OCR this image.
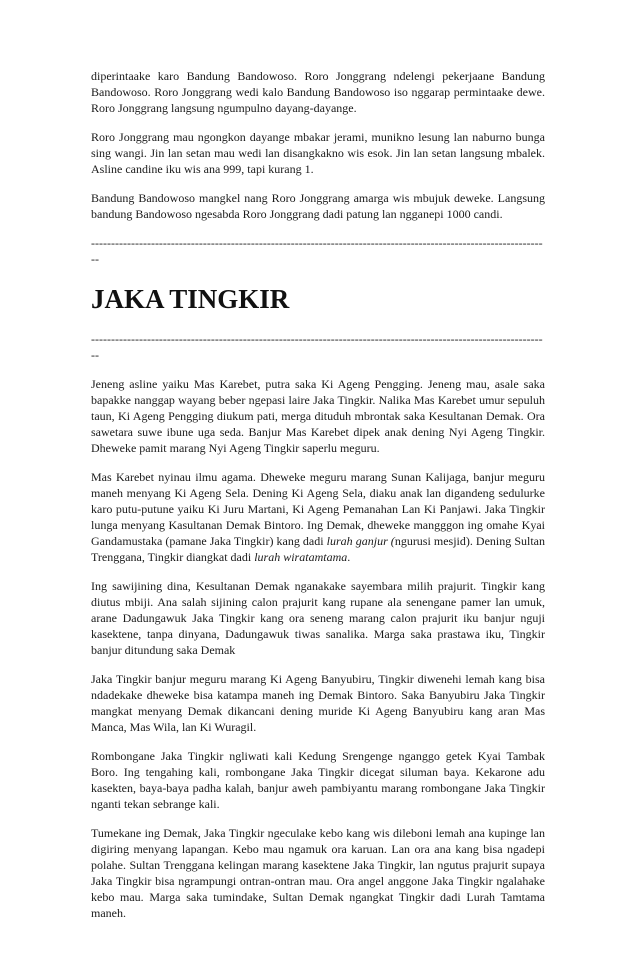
diperintaake karo Bandung Bandowoso. Roro Jonggrang ndelengi pekerjaane Bandung Bandowoso. Roro Jonggrang wedi kalo Bandung Bandowoso iso nggarap permintaake dewe. Roro Jonggrang langsung ngumpulno dayang-dayange.

Roro Jonggrang mau ngongkon dayange mbakar jerami, munikno lesung lan naburno bunga sing wangi. Jin lan setan mau wedi lan disangkakno wis esok. Jin lan setan langsung mbalek. Asline candine iku wis ana 999, tapi kurang 1.

Bandung Bandowoso mangkel nang Roro Jonggrang amarga wis mbujuk deweke. Langsung bandung Bandowoso ngesabda Roro Jonggrang dadi patung lan ngganepi 1000 candi.

-------------------------------------------------------------------------------------------------------------------
JAKA TINGKIR
-------------------------------------------------------------------------------------------------------------------

Jeneng asline yaiku Mas Karebet, putra saka Ki Ageng Pengging. Jeneng mau, asale saka bapakke nanggap wayang beber ngepasi laire Jaka Tingkir. Nalika Mas Karebet umur sepuluh taun, Ki Ageng Pengging diukum pati, merga dituduh mbrontak saka Kesultanan Demak. Ora sawetara suwe ibune uga seda. Banjur Mas Karebet dipek anak dening Nyi Ageng Tingkir. Dheweke pamit marang Nyi Ageng Tingkir saperlu meguru.

Mas Karebet nyinau ilmu agama. Dheweke meguru marang Sunan Kalijaga, banjur meguru maneh menyang Ki Ageng Sela. Dening Ki Ageng Sela, diaku anak lan digandeng sedulurke karo putu-putune yaiku Ki Juru Martani, Ki Ageng Pemanahan Lan Ki Panjawi. Jaka Tingkir lunga menyang Kasultanan Demak Bintoro. Ing Demak, dheweke mangggon ing omahe Kyai Gandamustaka (pamane Jaka Tingkir) kang dadi lurah ganjur (ngurusi mesjid). Dening Sultan Trenggana, Tingkir diangkat dadi lurah wiratamtama.

Ing sawijining dina, Kesultanan Demak nganakake sayembara milih prajurit. Tingkir kang diutus mbiji. Ana salah sijining calon prajurit kang rupane ala senengane pamer lan umuk, arane Dadungawuk Jaka Tingkir kang ora seneng marang calon prajurit iku banjur nguji kasektene, tanpa dinyana, Dadungawuk tiwas sanalika. Marga saka prastawa iku, Tingkir banjur ditundung saka Demak

Jaka Tingkir banjur meguru marang Ki Ageng Banyubiru, Tingkir diwenehi lemah kang bisa ndadekake dheweke bisa katampa maneh ing Demak Bintoro. Saka Banyubiru Jaka Tingkir mangkat menyang Demak dikancani dening muride Ki Ageng Banyubiru kang aran Mas Manca, Mas Wila, lan Ki Wuragil.

Rombongane Jaka Tingkir ngliwati kali Kedung Srengenge nganggo getek Kyai Tambak Boro. Ing tengahing kali, rombongane Jaka Tingkir dicegat siluman baya. Kekarone adu kasekten, baya-baya padha kalah, banjur aweh pambiyantu marang rombongane Jaka Tingkir nganti tekan sebrange kali.

Tumekane ing Demak, Jaka Tingkir ngeculake kebo kang wis dileboni lemah ana kupinge lan digiring menyang lapangan. Kebo mau ngamuk ora karuan. Lan ora ana kang bisa ngadepi polahe. Sultan Trenggana kelingan marang kasektene Jaka Tingkir, lan ngutus prajurit supaya Jaka Tingkir bisa ngrampungi ontran-ontran mau. Ora angel anggone Jaka Tingkir ngalahake kebo mau. Marga saka tumindake, Sultan Demak ngangkat Tingkir dadi Lurah Tamtama maneh.
